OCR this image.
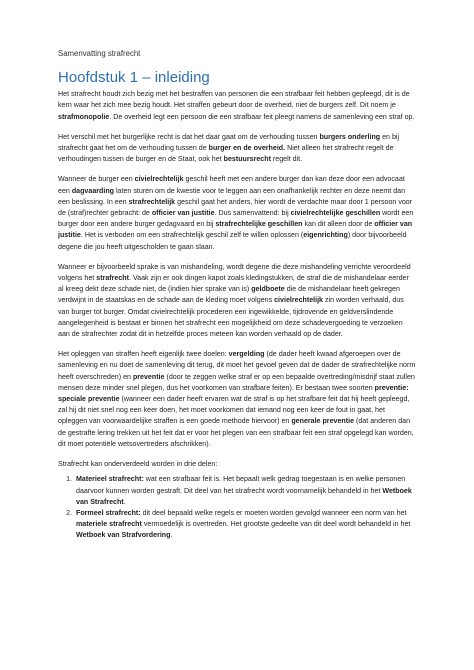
Samenvatting strafrecht
Hoofdstuk 1 – inleiding

Het strafrecht houdt zich bezig met het bestraffen van personen die een strafbaar feit hebben gepleegd, dit is de kern waar het zich mee bezig houdt. Het straffen gebeurt door de overheid, niet de burgers zelf. Dit noem je strafmonopolie. De overheid legt een persoon die een strafbaar feit pleegt namens de samenleving een straf op.

Het verschil met het burgerlijke recht is dat het daar gaat om de verhouding tussen burgers onderling en bij strafrecht gaat het om de verhouding tussen de burger en de overheid. Niet alleen het strafrecht regelt de verhoudingen tussen de burger en de Staat, ook het bestuursrecht regelt dit.

Wanneer de burger een civielrechtelijk geschil heeft met een andere burger dan kan deze door een advocaat een dagvaarding laten sturen om de kwestie voor te leggen aan een onafhankelijk rechter en deze neemt dan een beslissing. In een strafrechtelijk geschil gaat het anders, hier wordt de verdachte maar door 1 persoon voor de (straf)rechter gebracht: de officier van justitie. Dus samenvattend: bij civielrechtelijke geschillen wordt een burger door een andere burger gedagvaard en bij strafrechtelijke geschillen kan dit alleen door de officier van justitie. Het is verboden om een strafrechtelijk geschil zelf te willen oplossen (eigenrichting) door bijvoorbeeld degene die jou heeft uitgescholden te gaan slaan.

Wanneer er bijvoorbeeld sprake is van mishandeling, wordt degene die deze mishandeling verrichte veroordeeld volgens het strafrecht. Vaak zijn er ook dingen kapot zoals kledingstukken, de straf die de mishandelaar eerder al kreeg dekt deze schade niet, de (indien hier sprake van is) geldboete die de mishandelaar heeft gekregen verdwijnt in de staatskas en de schade aan de kleding moet volgens civielrechtelijk zin worden verhaald, dus van burger tot burger. Omdat civielrechtelijk procederen een ingewikkelde, tijdrovende en geldverslindende aangelegenheid is bestaat er binnen het strafrecht een mogelijkheid om deze schadevergoeding te verzoeken aan de strafrechter zodat dit in hetzelfde proces meteen kan worden verhaald op de dader.

Het opleggen van straffen heeft eigenlijk twee doelen: vergelding (de dader heeft kwaad afgeroepen over de samenleving en nu doet de samenleving dit terug, dit moet het gevoel geven dat de dader de strafrechtelijke norm heeft overschreden) en preventie (door te zeggen welke straf er op een bepaalde overtreding/misdrijf staat zullen mensen deze minder snel plegen, dus het voorkomen van strafbare feiten). Er bestaan twee soorten preventie: speciale preventie (wanneer een dader heeft ervaren wat de straf is op het strafbare feit dat hij heeft gepleegd, zal hij dit niet snel nog een keer doen, het moet voorkomen dat iemand nog een keer de fout in gaat, het opleggen van voorwaardelijke straffen is een goede methode hiervoor) en generale preventie (dat anderen dan de gestrafte lering trekken uit het feit dat er voor het plegen van een strafbaar feit een straf opgelegd kan worden, dit moet potentiële wetsovertreders afschrikken).

Strafrecht kan onderverdeeld worden in drie delen:

1. Materieel strafrecht: wat een strafbaar feit is. Het bepaalt welk gedrag toegestaan is en welke personen daarvoor kunnen worden gestraft. Dit deel van het strafrecht wordt voornamelijk behandeld in het Wetboek van Strafrecht.
2. Formeel strafrecht: dit deel bepaald welke regels er moeten worden gevolgd wanneer een norm van het materiele strafrecht vermoedelijk is overtreden. Het grootste gedeelte van dit deel wordt behandeld in het Wetboek van Strafvordering.
